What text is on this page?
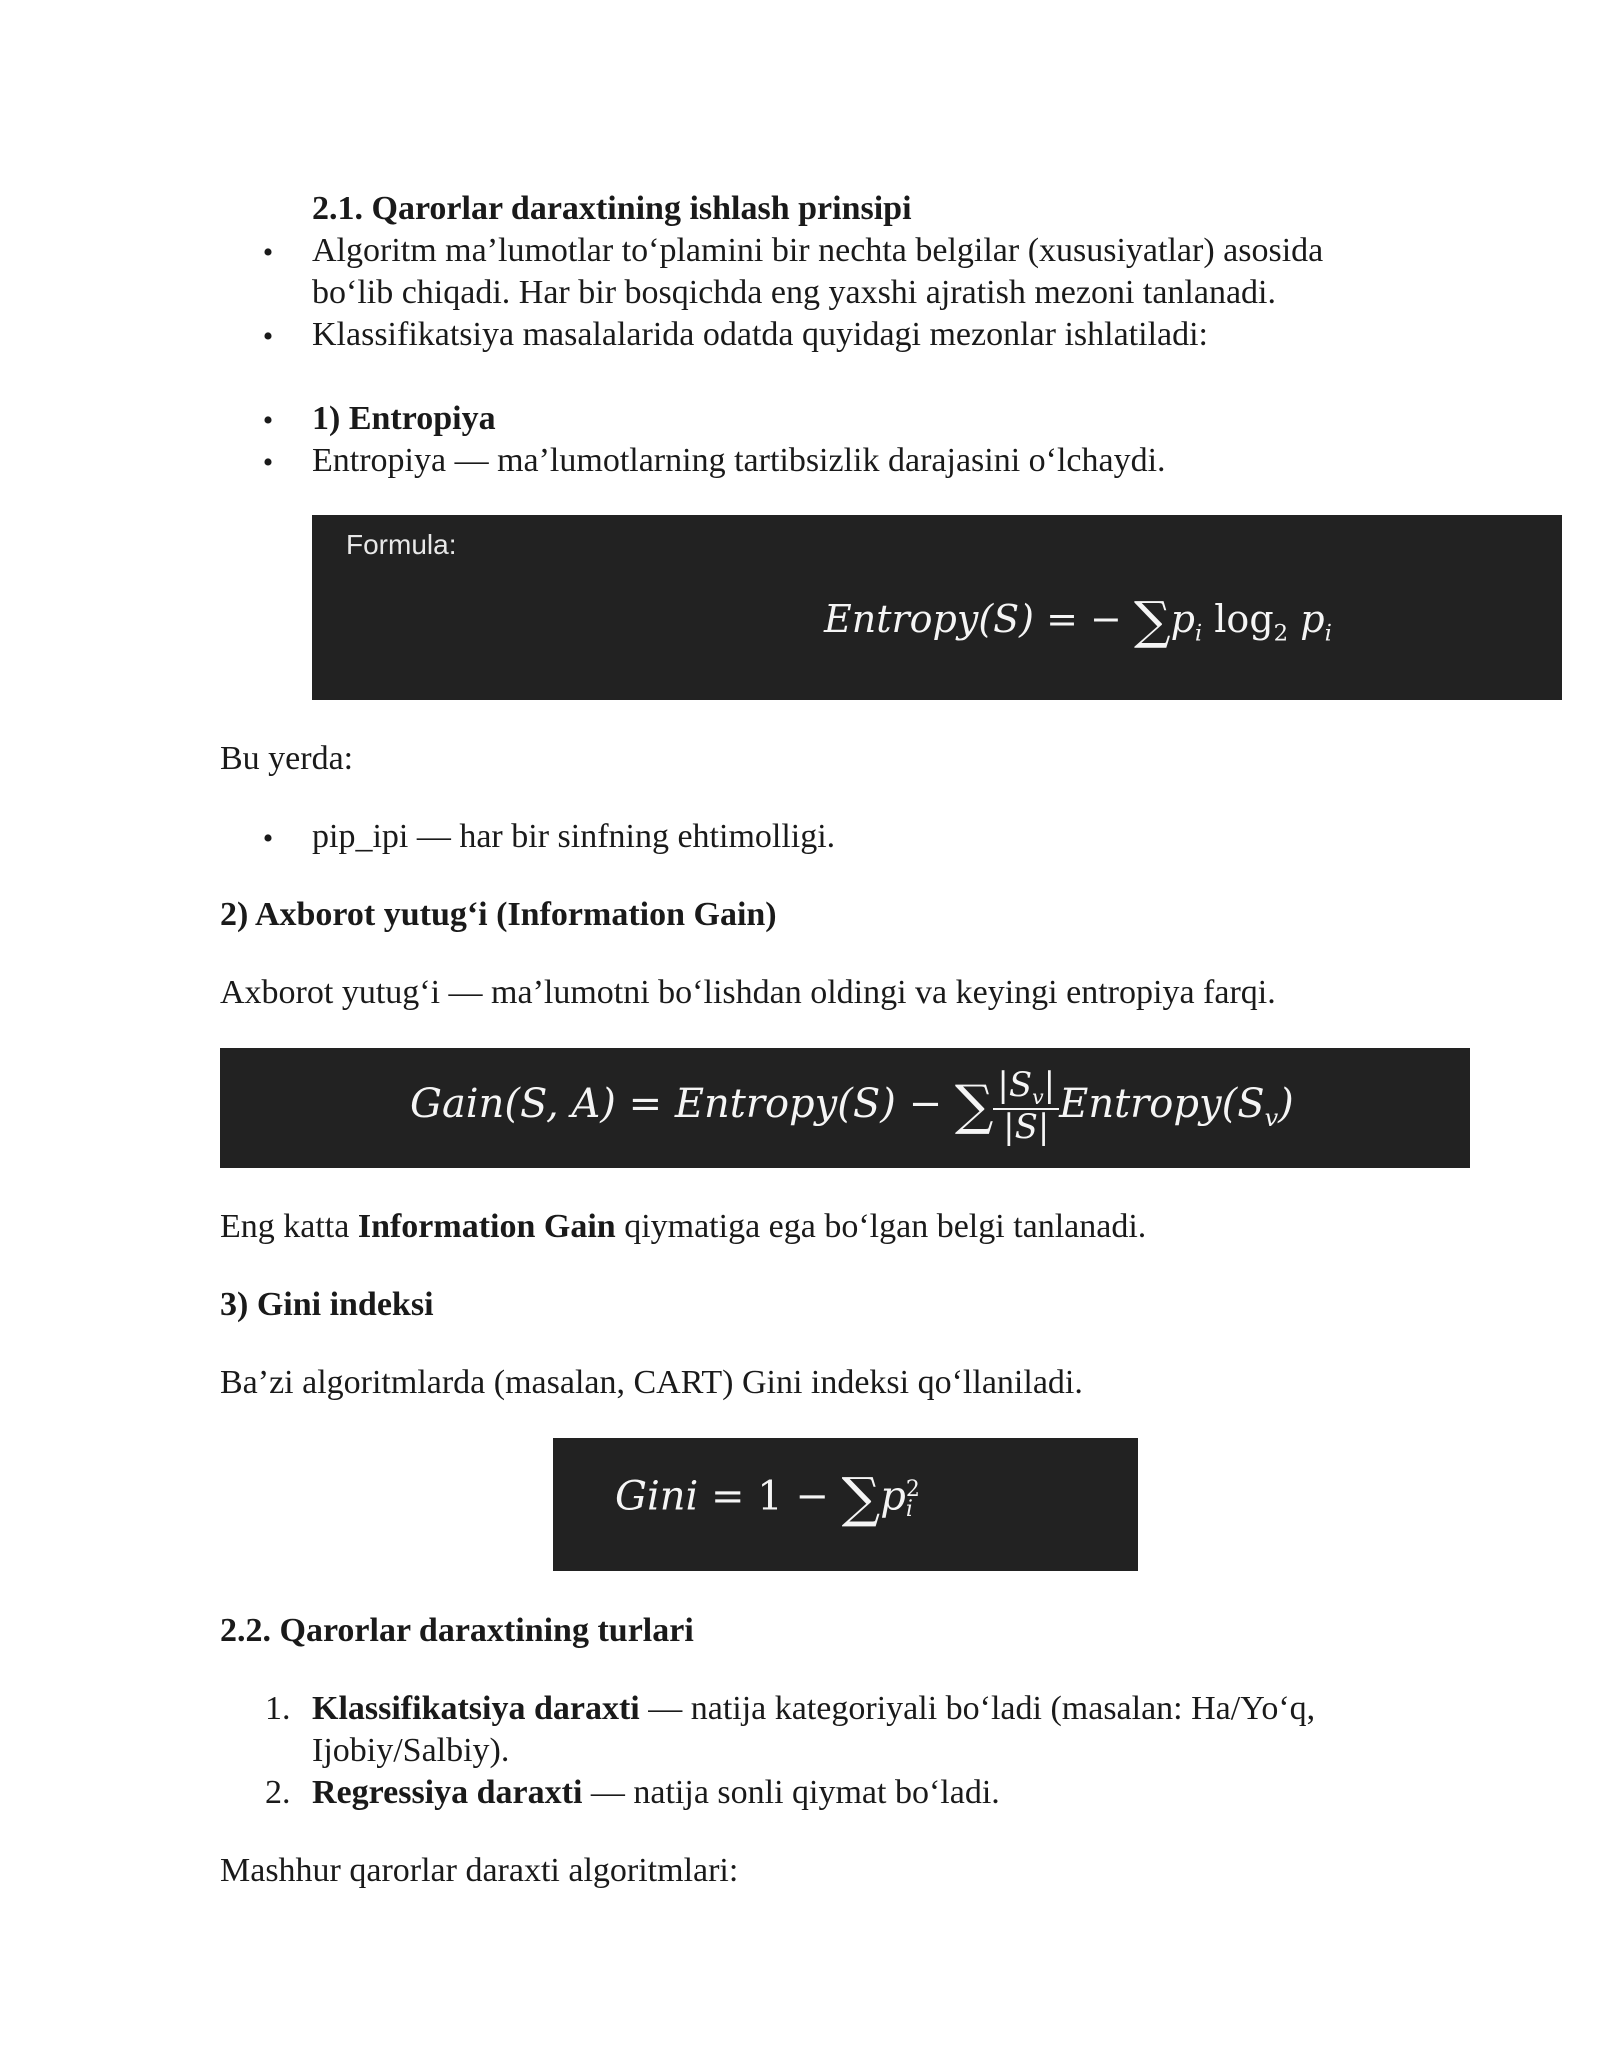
2.1. Qarorlar daraxtining ishlash prinsipi
• Algoritm ma’lumotlar to‘plamini bir nechta belgilar (xususiyatlar) asosida
bo‘lib chiqadi. Har bir bosqichda eng yaxshi ajratish mezoni tanlanadi.
• Klassifikatsiya masalalarida odatda quyidagi mezonlar ishlatiladi:
• 1) Entropiya
• Entropiya — ma’lumotlarning tartibsizlik darajasini o‘lchaydi.
Formula:
Entropy(S) = − $\sum p_i$ $\log_2 p_i$
Bu yerda:
• pip_ipi — har bir sinfning ehtimolligi.
2) Axborot yutug‘i (Information Gain)
Axborot yutug‘i — ma’lumotni bo‘lishdan oldingi va keyingi entropiya farqi.
Gain(S, A) = Entropy(S) − ∑ $\frac{|S_v|}{|S|}$ $Entropy(S_v)$
Eng katta Information Gain qiymatiga ega bo‘lgan belgi tanlanadi.
3) Gini indeksi
Ba’zi algoritmlarda (masalan, CART) Gini indeksi qo‘llaniladi.
Gini = 1 − ∑p 2
i
2.2. Qarorlar daraxtining turlari
1. Klassifikatsiya daraxti — natija kategoriyali bo‘ladi (masalan: Ha/Yo‘q,
Ijobiy/Salbiy).
2. Regressiya daraxti — natija sonli qiymat bo‘ladi.
Mashhur qarorlar daraxti algoritmlari:
